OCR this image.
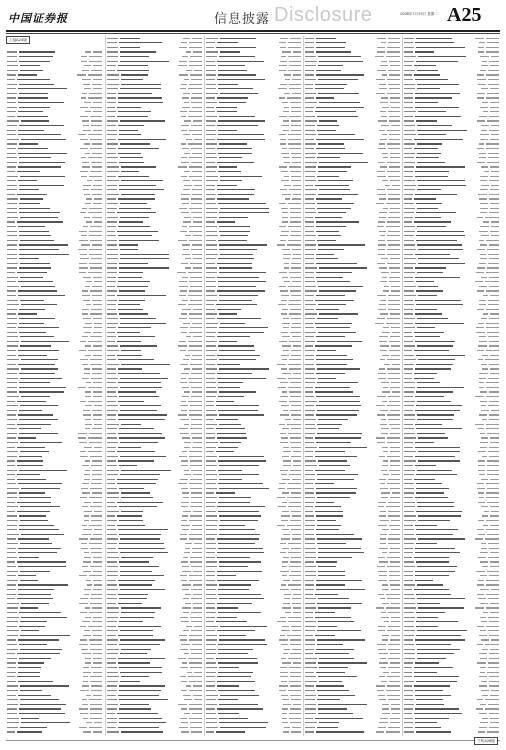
中国证券报	信息披露 Disclosure	2008年7月29日 星期二 A25
上接A24版
下转A26版
